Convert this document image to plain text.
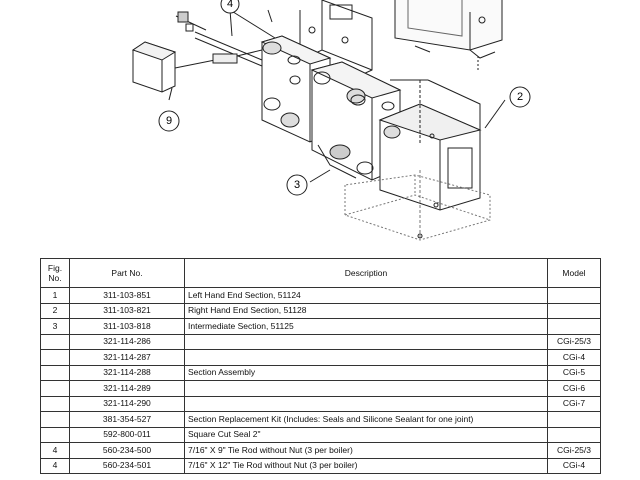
4
2
3
9
Fig.
No.	Part No.	Description	Model
1	311-103-851	Left Hand End Section, 51124	
2	311-103-821	Right Hand End Section, 51128	
3	311-103-818	Intermediate Section, 51125	
	321-114-286		CGi-25/3
	321-114-287		CGi-4
	321-114-288	Section Assembly	CGi-5
	321-114-289		CGi-6
	321-114-290		CGi-7
	381-354-527	Section Replacement Kit (Includes: Seals and Silicone Sealant for one joint)	
	592-800-011	Square Cut Seal 2"	
4	560-234-500	7/16" X 9" Tie Rod without Nut (3 per boiler)	CGi-25/3
4	560-234-501	7/16" X 12" Tie Rod without Nut (3 per boiler)	CGi-4
